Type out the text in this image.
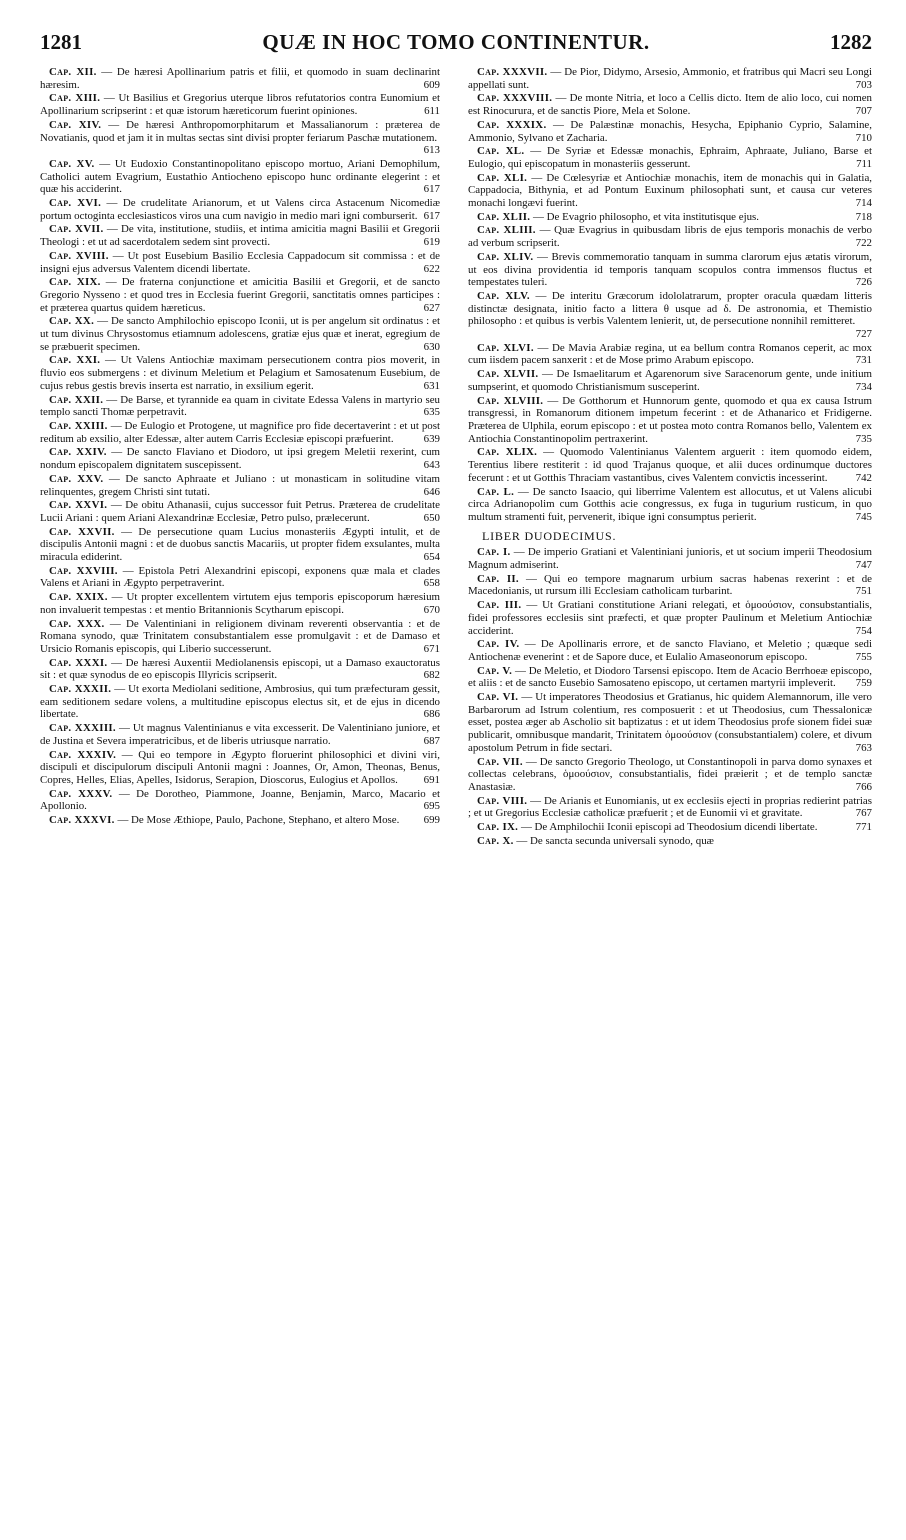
1281	QUÆ IN HOC TOMO CONTINENTUR.	1282
Cap. XII. — De hæresi Apollinarium patris et filii, et quomodo in suam declinarint hæresim.	609
Cap. XIII. — Ut Basilius et Gregorius uterque libros refutatorios contra Eunomium et Apollinarium scripserint : et quæ istorum hæreticorum fuerint opiniones.	611
Cap. XIV. — De hæresi Anthropomorphitarum et Massalianorum : præterea de Novatianis, quod et jam it in multas sectas sint divisi propter feriarum Paschæ mutationem.
613
Cap. XV. — Ut Eudoxio Constantinopolitano episcopo mortuo, Ariani Demophilum, Catholici autem Evagrium, Eustathio Antiocheno episcopo hunc ordinante elegerint : et quæ his acciderint.	617
Cap. XVI. — De crudelitate Arianorum, et ut Valens circa Astacenum Nicomediæ portum octoginta ecclesiasticos viros una cum navigio in medio mari igni comburserit. 617
Cap. XVII. — De vita, institutione, studiis, et intima amicitia magni Basilii et Gregorii Theologi : et ut ad sacerdotalem sedem sint provecti.	619
Cap. XVIII. — Ut post Eusebium Basilio Ecclesia Cappadocum sit commissa : et de insigni ejus adversus Valentem dicendi libertate.	622
Cap. XIX. — De fraterna conjunctione et amicitia Basilii et Gregorii, et de sancto Gregorio Nysseno : et quod tres in Ecclesia fuerint Gregorii, sanctitatis omnes participes : et præterea quartus quidem hæreticus.	627
Cap. XX. — De sancto Amphilochio episcopo Iconii, ut is per angelum sit ordinatus : et ut tum divinus Chrysostomus etiamnum adolescens, gratiæ ejus quæ et inerat, egregium de se præbuerit specimen.	630
Cap. XXI. — Ut Valens Antiochiæ maximam persecutionem contra pios moverit, in fluvio eos submergens : et divinum Meletium et Pelagium et Samosatenum Eusebium, de cujus rebus gestis brevis inserta est narratio, in exsilium egerit.	631
Cap. XXII. — De Barse, et tyrannide ea quam in civitate Edessa Valens in martyrio seu templo sancti Thomæ perpetravit.	635
Cap. XXIII. — De Eulogio et Protogene, ut magnifice pro fide decertaverint : et ut post reditum ab exsilio, alter Edessæ, alter autem Carris Ecclesiæ episcopi præfuerint.	639
Cap. XXIV. — De sancto Flaviano et Diodoro, ut ipsi gregem Meletii rexerint, cum nondum episcopalem dignitatem suscepissent.	643
Cap. XXV. — De sancto Aphraate et Juliano : ut monasticam in solitudine vitam relinquentes, gregem Christi sint tutati.	646
Cap. XXVI. — De obitu Athanasii, cujus successor fuit Petrus. Præterea de crudelitate Lucii Ariani : quem Ariani Alexandrinæ Ecclesiæ, Petro pulso, prælecerunt.	650
Cap. XXVII. — De persecutione quam Lucius monasteriis Ægypti intulit, et de discipulis Antonii magni : et de duobus sanctis Macariis, ut propter fidem exsulantes, multa miracula ediderint.	654
Cap. XXVIII. — Epistola Petri Alexandrini episcopi, exponens quæ mala et clades Valens et Ariani in Ægypto perpetraverint.	658
Cap. XXIX. — Ut propter excellentem virtutem ejus temporis episcoporum hæresium non invaluerit tempestas : et mentio Britannionis Scytharum episcopi.	670
Cap. XXX. — De Valentiniani in religionem divinam reverenti observantia : et de Romana synodo, quæ Trinitatem consubstantialem esse promulgavit : et de Damaso et Ursicio Romanis episcopis, qui Liberio successerunt.	671
Cap. XXXI. — De hæresi Auxentii Mediolanensis episcopi, ut a Damaso exauctoratus sit : et quæ synodus de eo episcopis Illyricis scripserit.	682
Cap. XXXII. — Ut exorta Mediolani seditione, Ambrosius, qui tum præfecturam gessit, eam seditionem sedare volens, a multitudine episcopus electus sit, et de ejus in dicendo libertate.	686
Cap. XXXIII. — Ut magnus Valentinianus e vita excesserit. De Valentiniano juniore, et de Justina et Severa imperatricibus, et de liberis utriusque narratio.	687
Cap. XXXIV. — Qui eo tempore in Ægypto floruerint philosophici et divini viri, discipuli et discipulorum discipuli Antonii magni : Joannes, Or, Amon, Theonas, Benus, Copres, Helles, Elias, Apelles, Isidorus, Serapion, Dioscorus, Eulogius et Apollos.	691
Cap. XXXV. — De Dorotheo, Piammone, Joanne, Benjamin, Marco, Macario et Apollonio.	695
Cap. XXXVI. — De Mose Æthiope, Paulo, Pachone, Stephano, et altero Mose.	699
Cap. XXXVII. — De Pior, Didymo, Arsesio, Ammonio, et fratribus qui Macri seu Longi appellati sunt.	703
Cap. XXXVIII. — De monte Nitria, et loco a Cellis dicto. Item de alio loco, cui nomen est Rinocurura, et de sanctis Piore, Mela et Solone.	707
Cap. XXXIX. — De Palæstinæ monachis, Hesycha, Epiphanio Cyprio, Salamine, Ammonio, Sylvano et Zacharia.	710
Cap. XL. — De Syriæ et Edessæ monachis, Ephraim, Aphraate, Juliano, Barse et Eulogio, qui episcopatum in monasteriis gesserunt.	711
Cap. XLI. — De Cœlesyriæ et Antiochiæ monachis, item de monachis qui in Galatia, Cappadocia, Bithynia, et ad Pontum Euxinum philosophati sunt, et causa cur veteres monachi longævi fuerint.	714
Cap. XLII. — De Evagrio philosopho, et vita institutisque ejus.	718
Cap. XLIII. — Quæ Evagrius in quibusdam libris de ejus temporis monachis de verbo ad verbum scripserit.	722
Cap. XLIV. — Brevis commemoratio tanquam in summa clarorum ejus ætatis virorum, ut eos divina providentia id temporis tanquam scopulos contra immensos fluctus et tempestates tuleri.	726
Cap. XLV. — De interitu Græcorum idololatrarum, propter oracula quædam litteris distinctæ designata, initio facto a littera θ usque ad δ. De astronomia, et Themistio philosopho : et quibus is verbis Valentem lenierit, ut, de persecutione nonnihil remitteret.
727
Cap. XLVI. — De Mavia Arabiæ regina, ut ea bellum contra Romanos ceperit, ac mox cum iisdem pacem sanxerit : et de Mose primo Arabum episcopo.	731
Cap. XLVII. — De Ismaelitarum et Agarenorum sive Saracenorum gente, unde initium sumpserint, et quomodo Christianismum susceperint.	734
Cap. XLVIII. — De Gotthorum et Hunnorum gente, quomodo et qua ex causa Istrum transgressi, in Romanorum ditionem impetum fecerint : et de Athanarico et Fridigerne. Præterea de Ulphila, eorum episcopo : et ut postea moto contra Romanos bello, Valentem ex Antiochia Constantinopolim pertraxerint.	735
Cap. XLIX. — Quomodo Valentinianus Valentem arguerit : item quomodo eidem, Terentius libere restiterit : id quod Trajanus quoque, et alii duces ordinumque ductores fecerunt : et ut Gotthis Thraciam vastantibus, cives Valentem convictis incesserint.	742
Cap. L. — De sancto Isaacio, qui liberrime Valentem est allocutus, et ut Valens alicubi circa Adrianopolim cum Gotthis acie congressus, ex fuga in tugurium rusticum, in quo multum stramenti fuit, pervenerit, ibique igni consumptus perierit.	745
LIBER DUODECIMUS.
Cap. I. — De imperio Gratiani et Valentiniani junioris, et ut socium imperii Theodosium Magnum admiserint.	747
Cap. II. — Qui eo tempore magnarum urbium sacras habenas rexerint : et de Macedonianis, ut rursum illi Ecclesiam catholicam turbarint.	751
Cap. III. — Ut Gratiani constitutione Ariani relegati, et ὁμοούσιον, consubstantialis, fidei professores ecclesiis sint præfecti, et quæ propter Paulinum et Meletium Antiochiæ acciderint.	754
Cap. IV. — De Apollinaris errore, et de sancto Flaviano, et Meletio ; quæque sedi Antiochenæ evenerint : et de Sapore duce, et Eulalio Amaseonorum episcopo.	755
Cap. V. — De Meletio, et Diodoro Tarsensi episcopo. Item de Acacio Berrhoeæ episcopo, et aliis : et de sancto Eusebio Samosateno episcopo, ut certamen martyrii impleverit.	759
Cap. VI. — Ut imperatores Theodosius et Gratianus, hic quidem Alemannorum, ille vero Barbarorum ad Istrum colentium, res composuerit : et ut Theodosius, cum Thessalonicæ esset, postea æger ab Ascholio sit baptizatus : et ut idem Theodosius profe sionem fidei suæ publicarit, omnibusque mandarit, Trinitatem ὁμοούσιον (consubstantialem) colere, et divum apostolum Petrum in fide sectari.	763
Cap. VII. — De sancto Gregorio Theologo, ut Constantinopoli in parva domo synaxes et collectas celebrans, ὁμοούσιον, consubstantialis, fidei præierit ; et de templo sanctæ Anastasiæ.	766
Cap. VIII. — De Arianis et Eunomianis, ut ex ecclesiis ejecti in proprias redierint patrias ; et ut Gregorius Ecclesiæ catholicæ præfuerit ; et de Eunomii vi et gravitate.	767
Cap. IX. — De Amphilochii Iconii episcopi ad Theodosium dicendi libertate.	771
Cap. X. — De sancta secunda universali synodo, quæ
